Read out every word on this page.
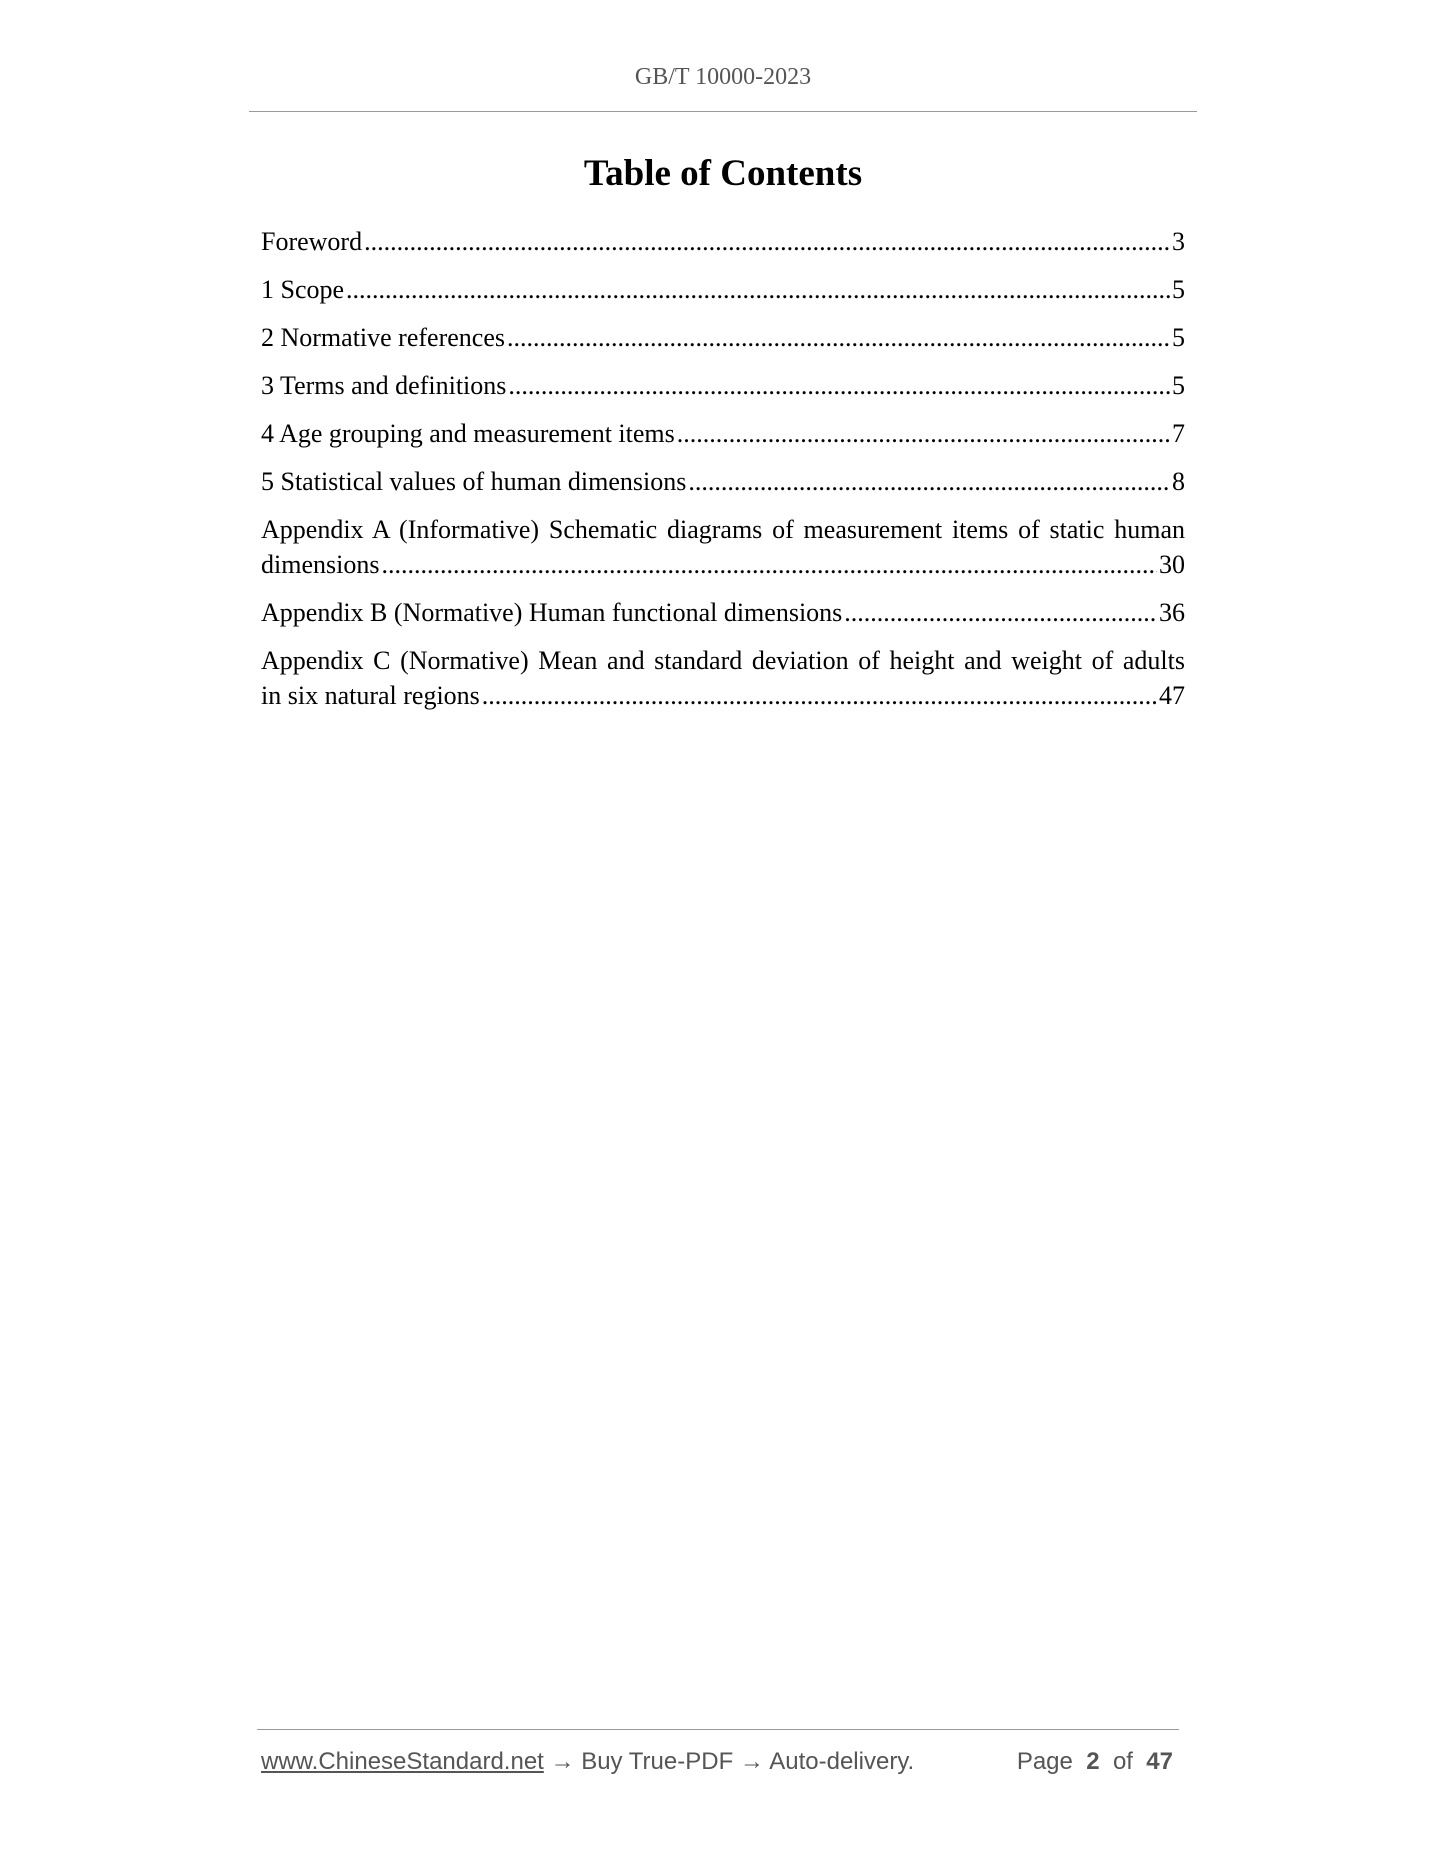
GB/T 10000-2023
Table of Contents
Foreword .....	3
1 Scope .....	5
2 Normative references .....	5
3 Terms and definitions .....	5
4 Age grouping and measurement items .....	7
5 Statistical values of human dimensions .....	8
Appendix A (Informative) Schematic diagrams of measurement items of static human
dimensions .....	30
Appendix B (Normative) Human functional dimensions .....	36
Appendix C (Normative) Mean and standard deviation of height and weight of adults
in six natural regions .....	47
www.ChineseStandard.net → Buy True-PDF → Auto-delivery.	Page 2 of 47
